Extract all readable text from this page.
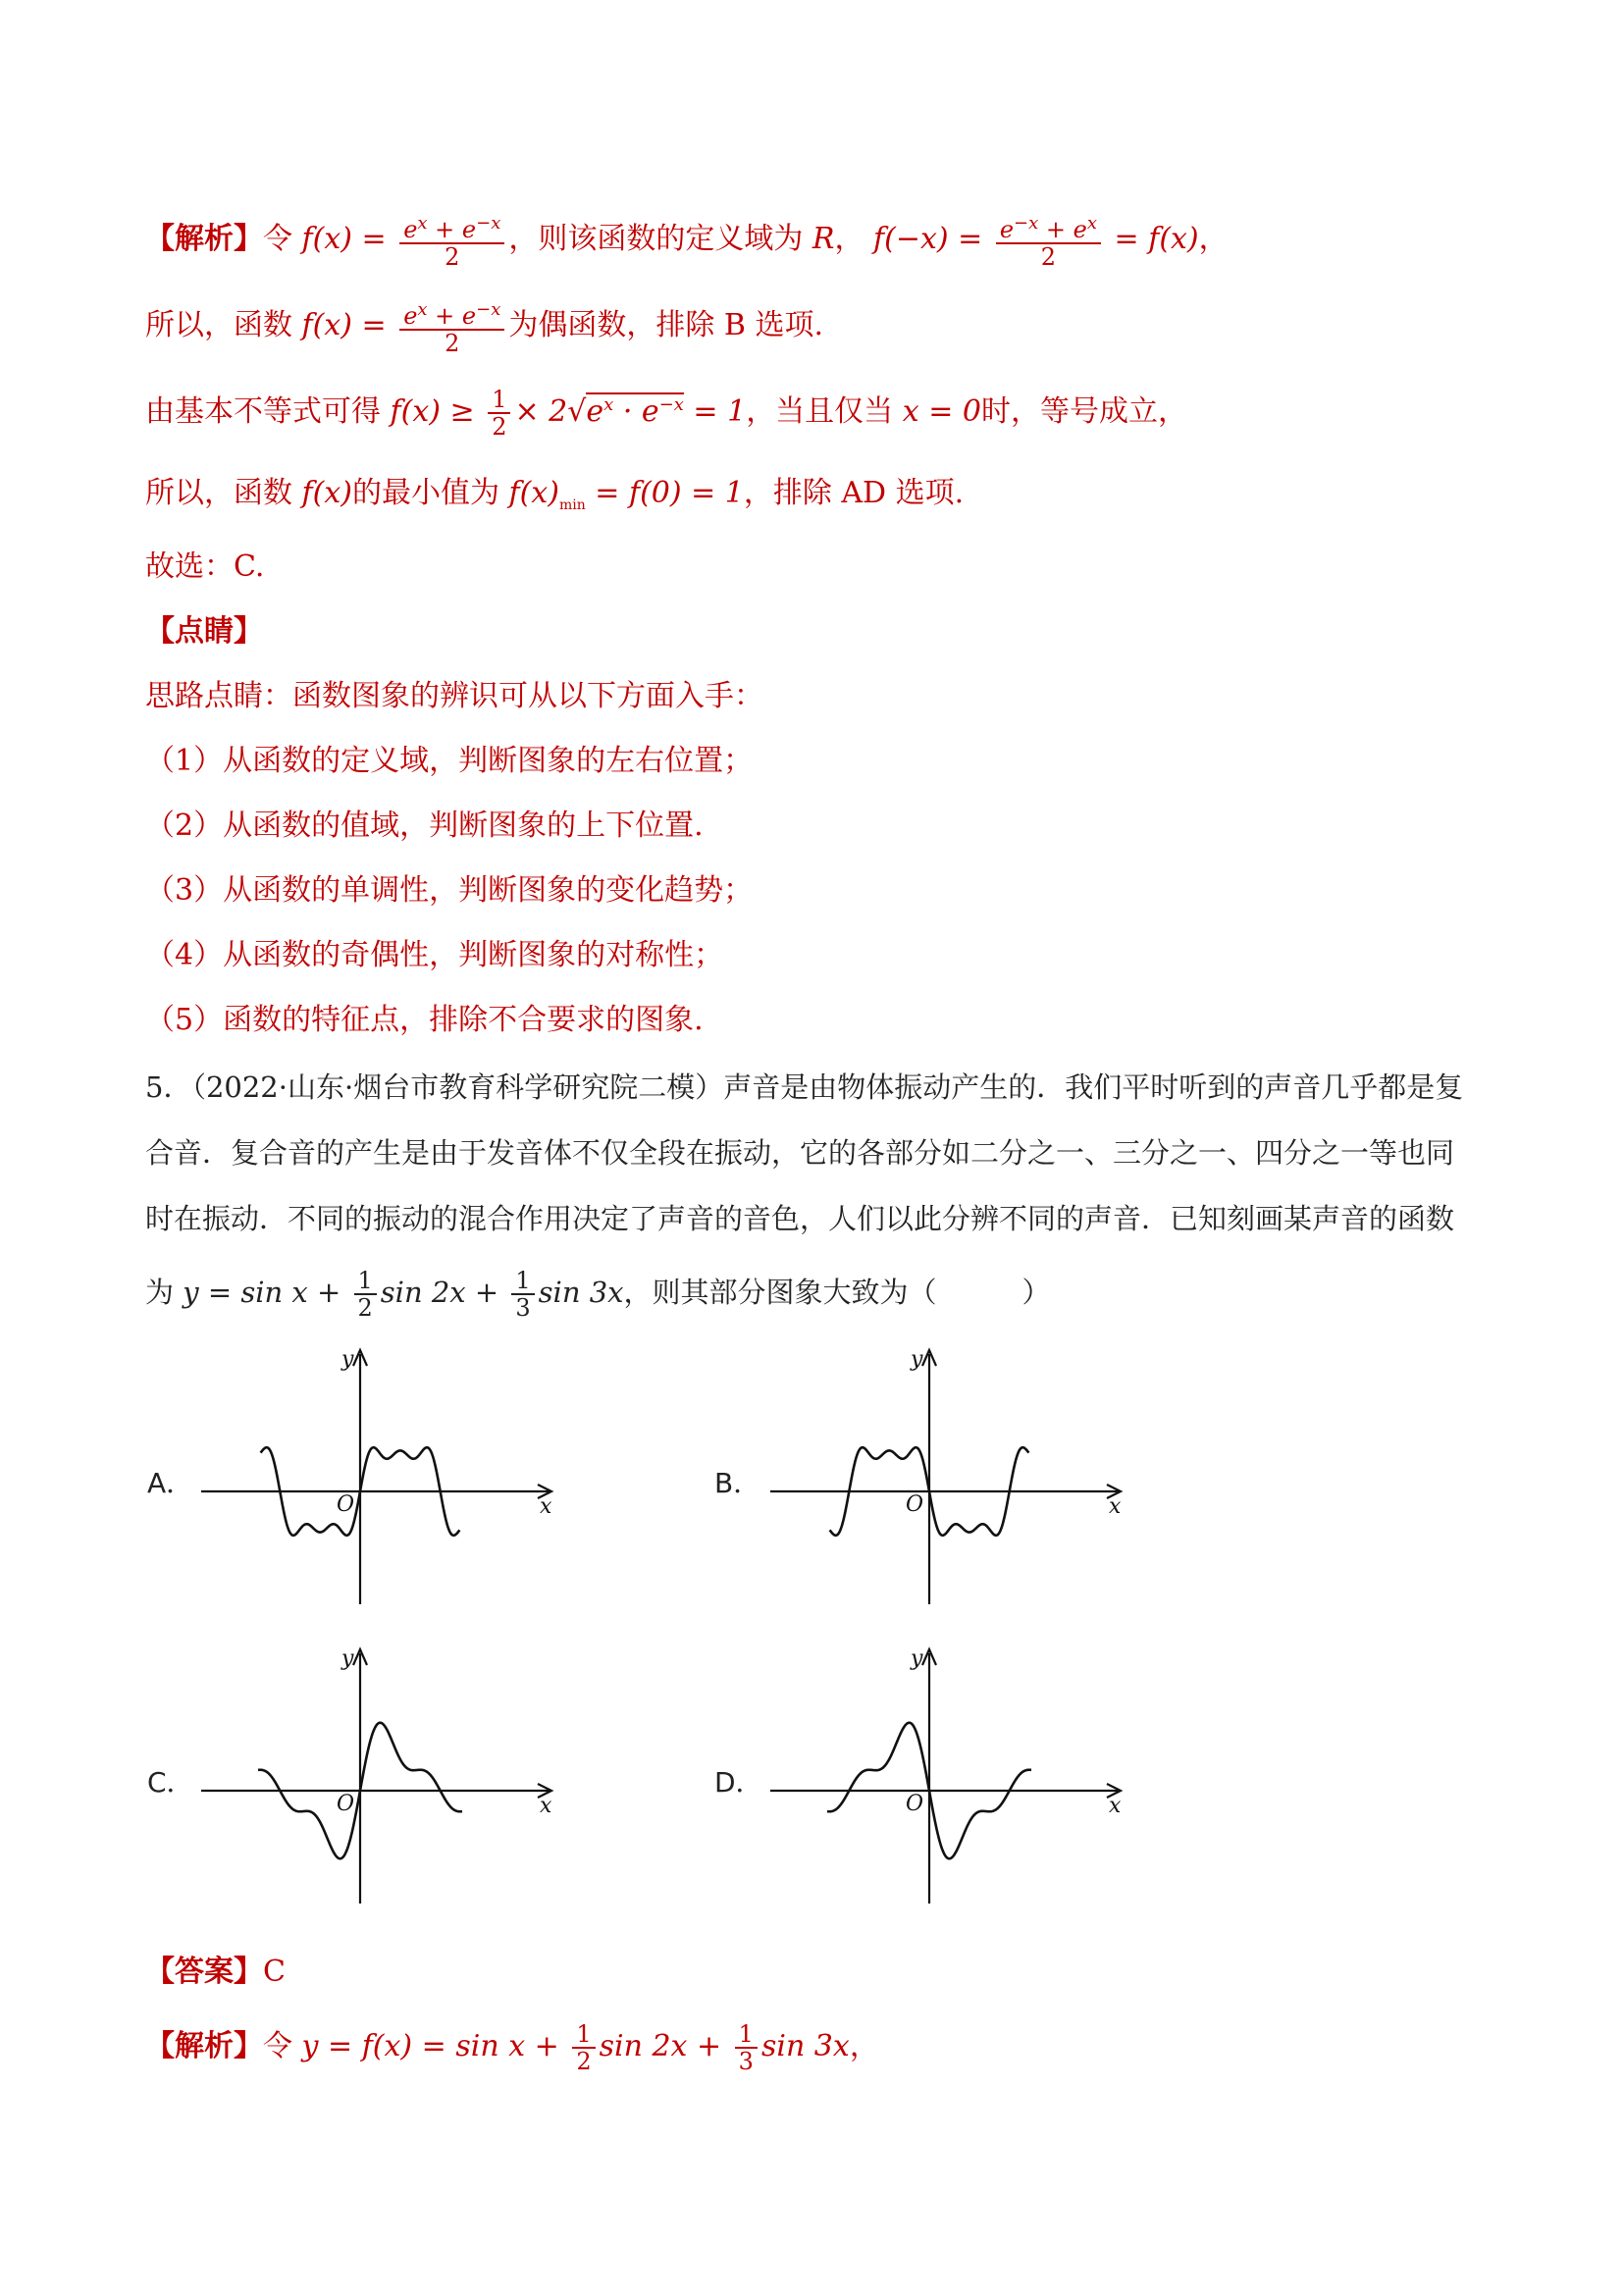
【解析】令 $f(x) = \frac{e^x + e^{-x}}{2}$ ，则该函数的定义域为 R， $f(-x) = \frac{e^{-x} + e^x}{2} = f(x)$，
所以，函数 $f(x) = \frac{e^x + e^{-x}}{2}$ 为偶函数，排除 B 选项.
由基本不等式可得 $f(x) \ge \frac{1}{2} \times 2√e^x \cdot e^{-x} = 1$，当且仅当 x = 0时，等号成立，
所以，函数 f(x)的最小值为 $f(x)_{min} = f(0) = 1$，排除 AD 选项.
故选：C.
【点睛】
思路点睛：函数图象的辨识可从以下方面入手：
（1）从函数的定义域，判断图象的左右位置；
（2）从函数的值域，判断图象的上下位置.
（3）从函数的单调性，判断图象的变化趋势；
（4）从函数的奇偶性，判断图象的对称性；
（5）函数的特征点，排除不合要求的图象.
5．（2022·山东·烟台市教育科学研究院二模）声音是由物体振动产生的．我们平时听到的声音几乎都是复
合音．复合音的产生是由于发音体不仅全段在振动，它的各部分如二分之一、三分之一、四分之一等也同
时在振动．不同的振动的混合作用决定了声音的音色，人们以此分辨不同的声音．已知刻画某声音的函数
为 $y = \sin x + \frac{1}{2}$ $\sin 2x + \frac{1}{3}$ sin 3x，则其部分图象大致为（　　　）
A．	B．
C．	D．
y
x
O
y
x
O
y
x
O
y
x
O
【答案】C
【解析】令 $y = f(x) = \sin x + \frac{1}{2}$ $\sin 2x + \frac{1}{3}$ sin 3x，
